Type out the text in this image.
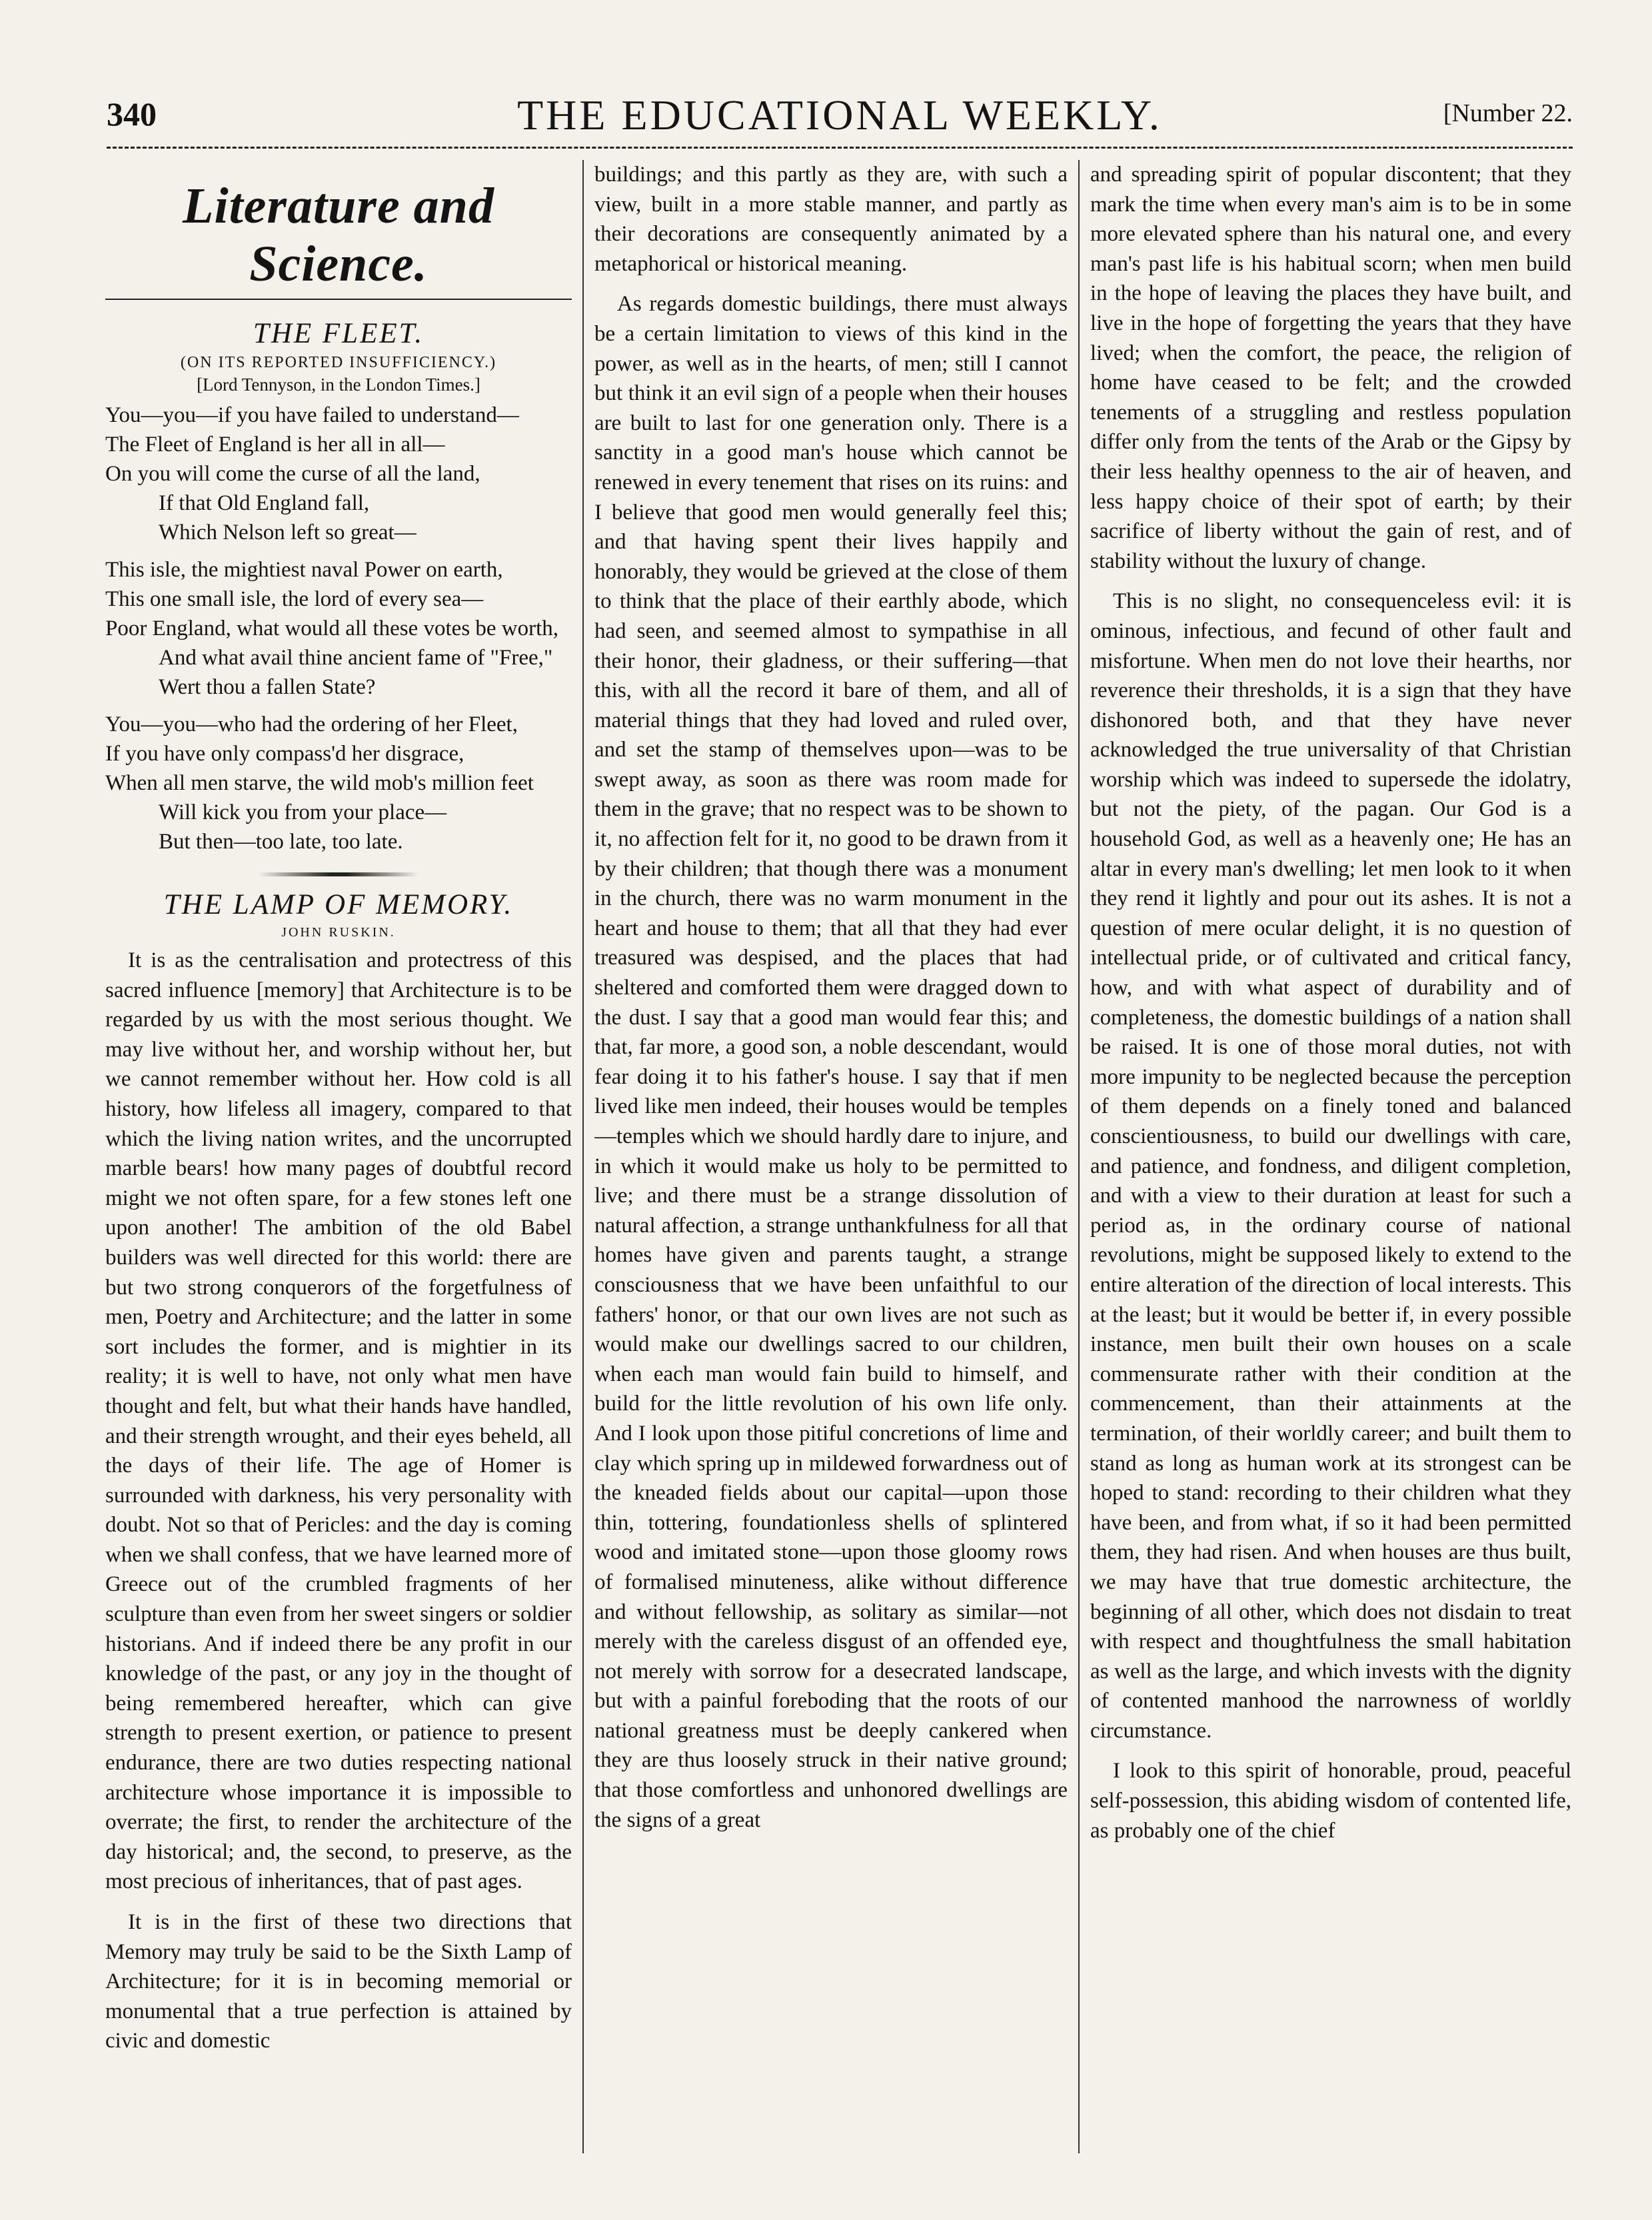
340	THE EDUCATIONAL WEEKLY.	[Number 22.
Literature and Science.
THE FLEET.
(ON ITS REPORTED INSUFFICIENCY.)
[Lord Tennyson, in the London Times.]
You—you—if you have failed to understand—
The Fleet of England is her all in all—
On you will come the curse of all the land,
If that Old England fall,
Which Nelson left so great—
This isle, the mightiest naval Power on earth,
This one small isle, the lord of every sea—
Poor England, what would all these votes be worth,
And what avail thine ancient fame of "Free,"
Wert thou a fallen State?
You—you—who had the ordering of her Fleet,
If you have only compass'd her disgrace,
When all men starve, the wild mob's million feet
Will kick you from your place—
But then—too late, too late.
THE LAMP OF MEMORY.
JOHN RUSKIN.

It is as the centralisation and protectress of this sacred influence [memory] that Architecture is to be regarded by us with the most serious thought. We may live without her, and worship without her, but we cannot remember without her. How cold is all history, how lifeless all imagery, compared to that which the living nation writes, and the uncorrupted marble bears! how many pages of doubtful record might we not often spare, for a few stones left one upon another! The ambition of the old Babel builders was well directed for this world: there are but two strong conquerors of the forgetfulness of men, Poetry and Architecture; and the latter in some sort includes the former, and is mightier in its reality; it is well to have, not only what men have thought and felt, but what their hands have handled, and their strength wrought, and their eyes beheld, all the days of their life. The age of Homer is surrounded with darkness, his very personality with doubt. Not so that of Pericles: and the day is coming when we shall confess, that we have learned more of Greece out of the crumbled fragments of her sculpture than even from her sweet singers or soldier historians. And if indeed there be any profit in our knowledge of the past, or any joy in the thought of being remembered hereafter, which can give strength to present exertion, or patience to present endurance, there are two duties respecting national architecture whose importance it is impossible to overrate; the first, to render the architecture of the day historical; and, the second, to preserve, as the most precious of inheritances, that of past ages.

It is in the first of these two directions that Memory may truly be said to be the Sixth Lamp of Architecture; for it is in becoming memorial or monumental that a true perfection is attained by civic and domestic

buildings; and this partly as they are, with such a view, built in a more stable manner, and partly as their decorations are consequently animated by a metaphorical or historical meaning.

As regards domestic buildings, there must always be a certain limitation to views of this kind in the power, as well as in the hearts, of men; still I cannot but think it an evil sign of a people when their houses are built to last for one generation only. There is a sanctity in a good man's house which cannot be renewed in every tenement that rises on its ruins: and I believe that good men would generally feel this; and that having spent their lives happily and honorably, they would be grieved at the close of them to think that the place of their earthly abode, which had seen, and seemed almost to sympathise in all their honor, their gladness, or their suffering—that this, with all the record it bare of them, and all of material things that they had loved and ruled over, and set the stamp of themselves upon—was to be swept away, as soon as there was room made for them in the grave; that no respect was to be shown to it, no affection felt for it, no good to be drawn from it by their children; that though there was a monument in the church, there was no warm monument in the heart and house to them; that all that they had ever treasured was despised, and the places that had sheltered and comforted them were dragged down to the dust. I say that a good man would fear this; and that, far more, a good son, a noble descendant, would fear doing it to his father's house. I say that if men lived like men indeed, their houses would be temples—temples which we should hardly dare to injure, and in which it would make us holy to be permitted to live; and there must be a strange dissolution of natural affection, a strange unthankfulness for all that homes have given and parents taught, a strange consciousness that we have been unfaithful to our fathers' honor, or that our own lives are not such as would make our dwellings sacred to our children, when each man would fain build to himself, and build for the little revolution of his own life only. And I look upon those pitiful concretions of lime and clay which spring up in mildewed forwardness out of the kneaded fields about our capital—upon those thin, tottering, foundationless shells of splintered wood and imitated stone—upon those gloomy rows of formalised minuteness, alike without difference and without fellowship, as solitary as similar—not merely with the careless disgust of an offended eye, not merely with sorrow for a desecrated landscape, but with a painful foreboding that the roots of our national greatness must be deeply cankered when they are thus loosely struck in their native ground; that those comfortless and unhonored dwellings are the signs of a great

and spreading spirit of popular discontent; that they mark the time when every man's aim is to be in some more elevated sphere than his natural one, and every man's past life is his habitual scorn; when men build in the hope of leaving the places they have built, and live in the hope of forgetting the years that they have lived; when the comfort, the peace, the religion of home have ceased to be felt; and the crowded tenements of a struggling and restless population differ only from the tents of the Arab or the Gipsy by their less healthy openness to the air of heaven, and less happy choice of their spot of earth; by their sacrifice of liberty without the gain of rest, and of stability without the luxury of change.

This is no slight, no consequenceless evil: it is ominous, infectious, and fecund of other fault and misfortune. When men do not love their hearths, nor reverence their thresholds, it is a sign that they have dishonored both, and that they have never acknowledged the true universality of that Christian worship which was indeed to supersede the idolatry, but not the piety, of the pagan. Our God is a household God, as well as a heavenly one; He has an altar in every man's dwelling; let men look to it when they rend it lightly and pour out its ashes. It is not a question of mere ocular delight, it is no question of intellectual pride, or of cultivated and critical fancy, how, and with what aspect of durability and of completeness, the domestic buildings of a nation shall be raised. It is one of those moral duties, not with more impunity to be neglected because the perception of them depends on a finely toned and balanced conscientiousness, to build our dwellings with care, and patience, and fondness, and diligent completion, and with a view to their duration at least for such a period as, in the ordinary course of national revolutions, might be supposed likely to extend to the entire alteration of the direction of local interests. This at the least; but it would be better if, in every possible instance, men built their own houses on a scale commensurate rather with their condition at the commencement, than their attainments at the termination, of their worldly career; and built them to stand as long as human work at its strongest can be hoped to stand: recording to their children what they have been, and from what, if so it had been permitted them, they had risen. And when houses are thus built, we may have that true domestic architecture, the beginning of all other, which does not disdain to treat with respect and thoughtfulness the small habitation as well as the large, and which invests with the dignity of contented manhood the narrowness of worldly circumstance.

I look to this spirit of honorable, proud, peaceful self-possession, this abiding wisdom of contented life, as probably one of the chief
